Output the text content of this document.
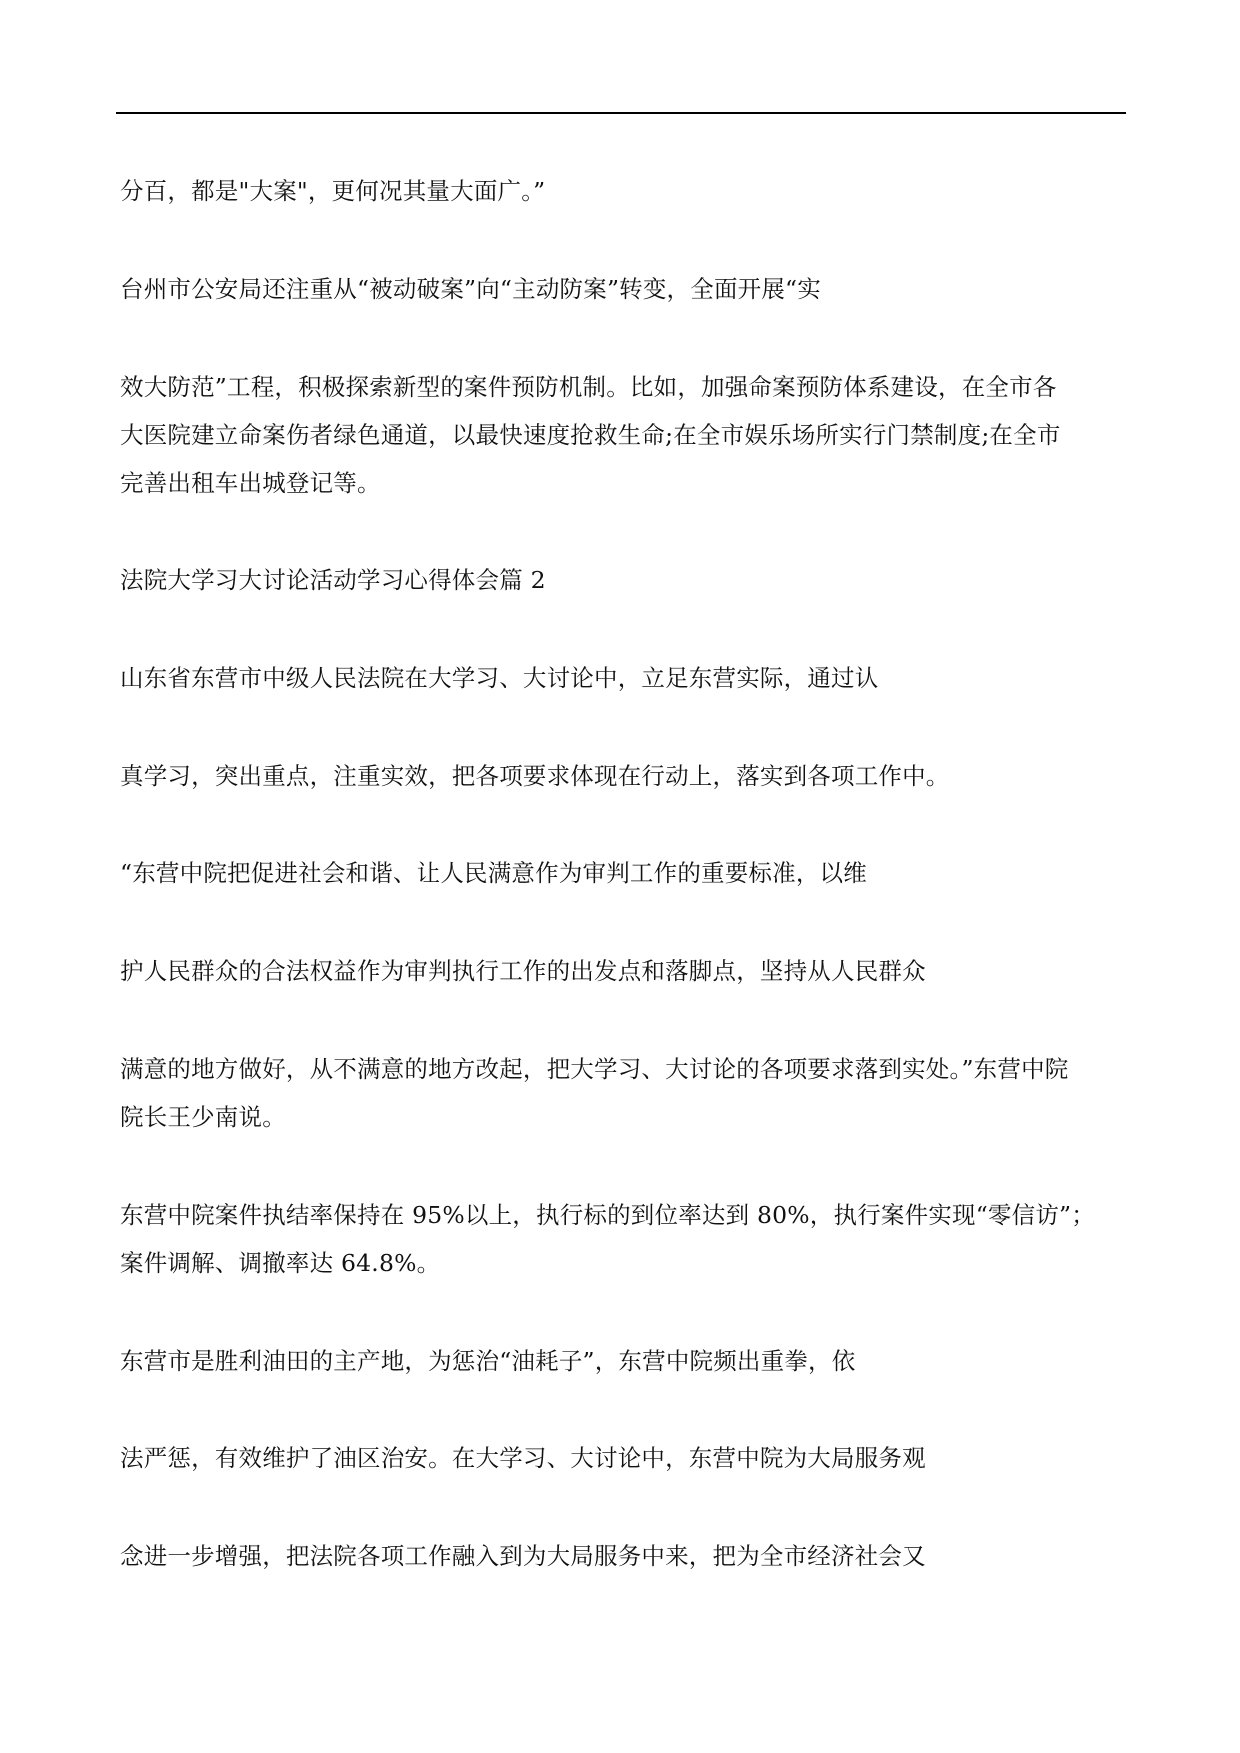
分百，都是"大案"，更何况其量大面广。”
台州市公安局还注重从“被动破案”向“主动防案”转变，全面开展“实
效大防范”工程，积极探索新型的案件预防机制。比如，加强命案预防体系建设，在全市各
大医院建立命案伤者绿色通道，以最快速度抢救生命;在全市娱乐场所实行门禁制度;在全市
完善出租车出城登记等。
法院大学习大讨论活动学习心得体会篇 2
山东省东营市中级人民法院在大学习、大讨论中，立足东营实际，通过认
真学习，突出重点，注重实效，把各项要求体现在行动上，落实到各项工作中。
“东营中院把促进社会和谐、让人民满意作为审判工作的重要标准，以维
护人民群众的合法权益作为审判执行工作的出发点和落脚点，坚持从人民群众
满意的地方做好，从不满意的地方改起，把大学习、大讨论的各项要求落到实处。”东营中院
院长王少南说。
东营中院案件执结率保持在 95%以上，执行标的到位率达到 80%，执行案件实现“零信访”；
案件调解、调撤率达 64.8%。
东营市是胜利油田的主产地，为惩治“油耗子”，东营中院频出重拳，依
法严惩，有效维护了油区治安。在大学习、大讨论中，东营中院为大局服务观
念进一步增强，把法院各项工作融入到为大局服务中来，把为全市经济社会又
